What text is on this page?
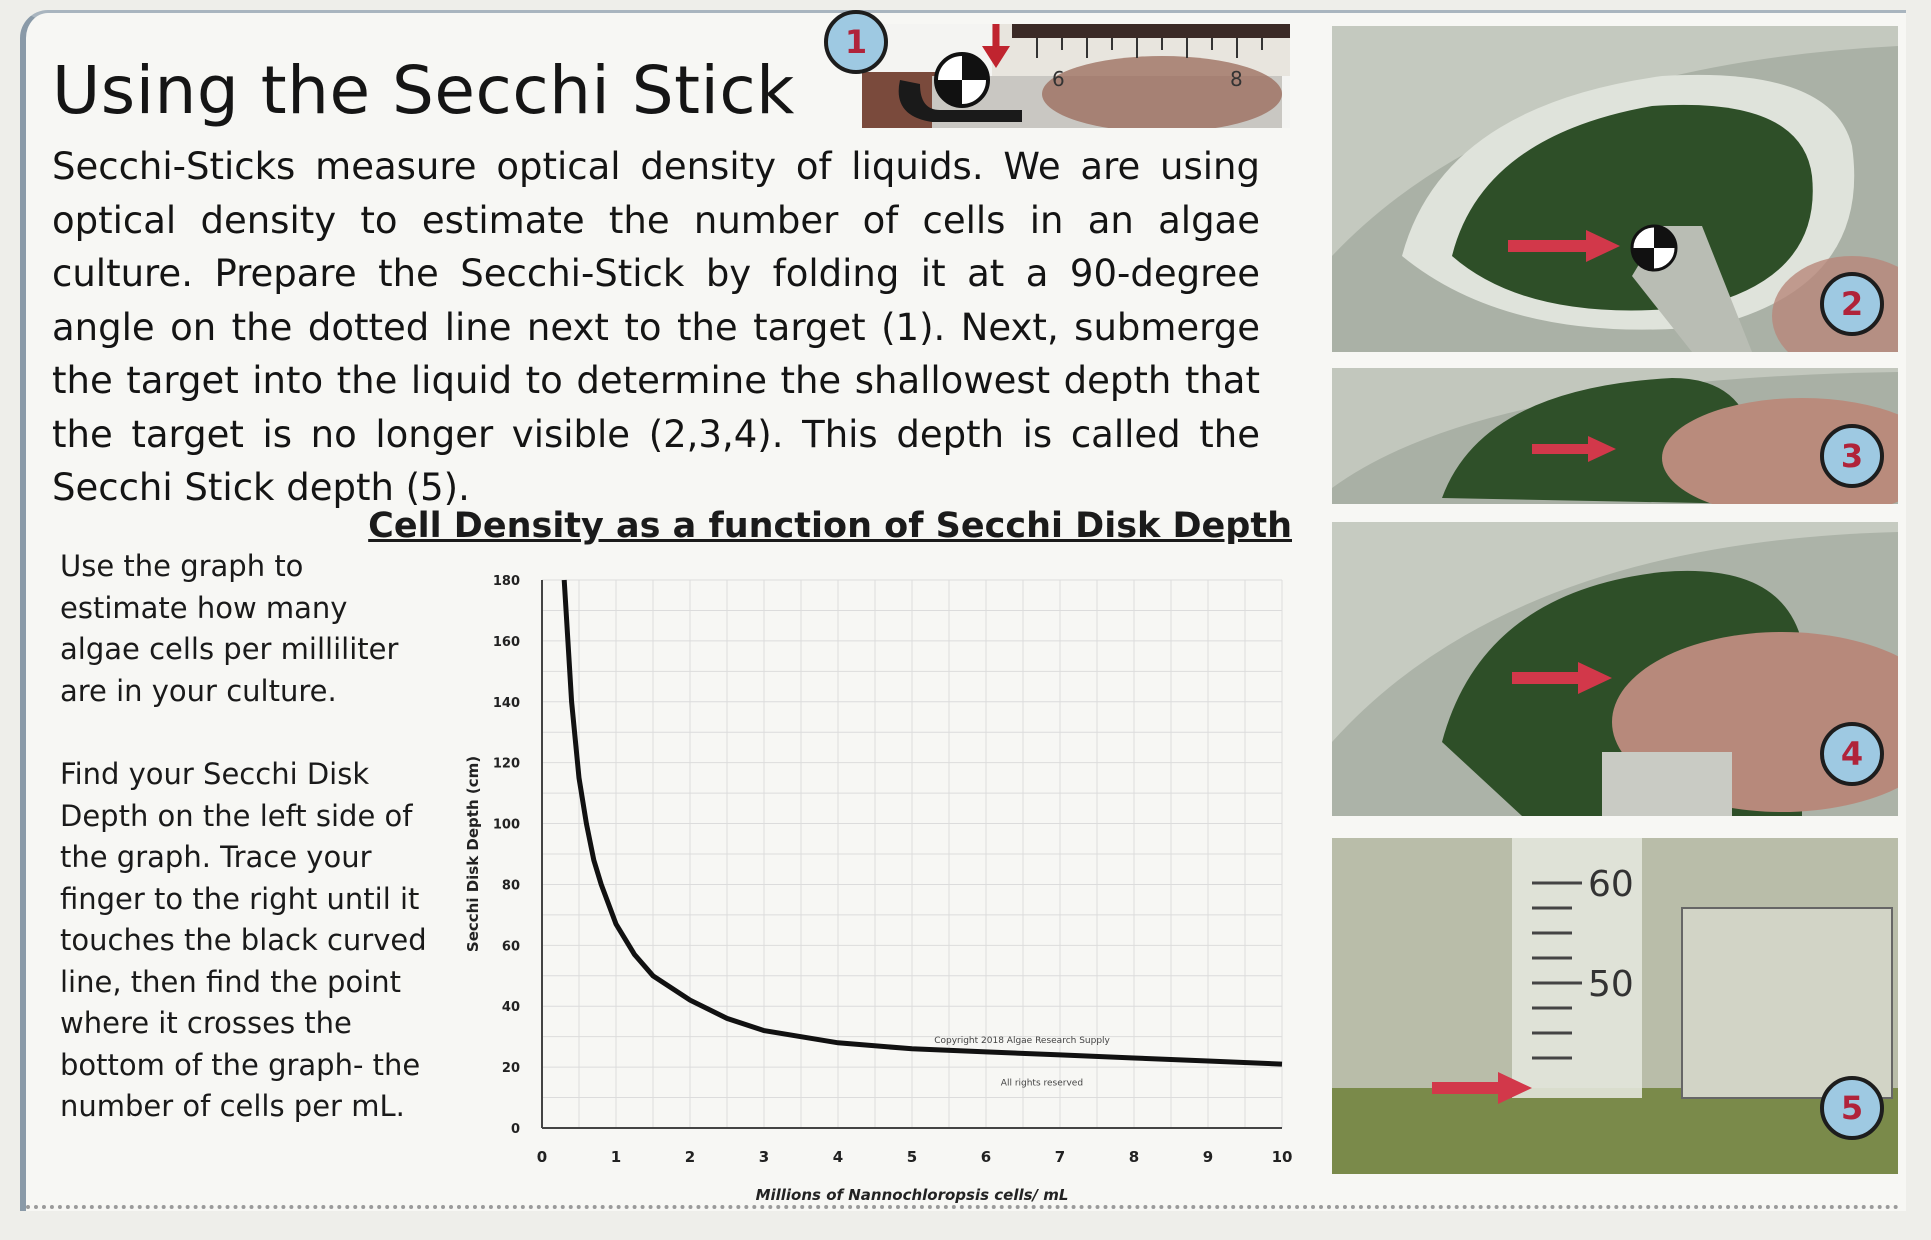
Using the Secchi Stick	6	8
1

Secchi-Sticks measure optical density of liquids. We are using optical density to estimate the number of cells in an algae culture. Prepare the Secchi-Stick by folding it at a 90-degree angle on the dotted line next to the target (1). Next, submerge the target into the liquid to determine the shallowest depth that the target is no longer visible (2,3,4). This depth is called the Secchi Stick depth (5).

Use the graph to estimate how many algae cells per milliliter are in your culture.

Find your Secchi Disk Depth on the left side of the graph. Trace your finger to the right until it touches the black curved line, then find the point where it crosses the bottom of the graph- the number of cells per mL.

Cell Density as a function of Secchi Disk Depth

0	1	2	3	4	5	6	7	8	9	10
0
20
40
60
80
100
120
140
160
180
Copyright 2018 Algae Research Supply
All rights reserved
Millions of Nannochloropsis cells/ mL
Secchi Disk Depth (cm)
2
3
4
60
50
5
